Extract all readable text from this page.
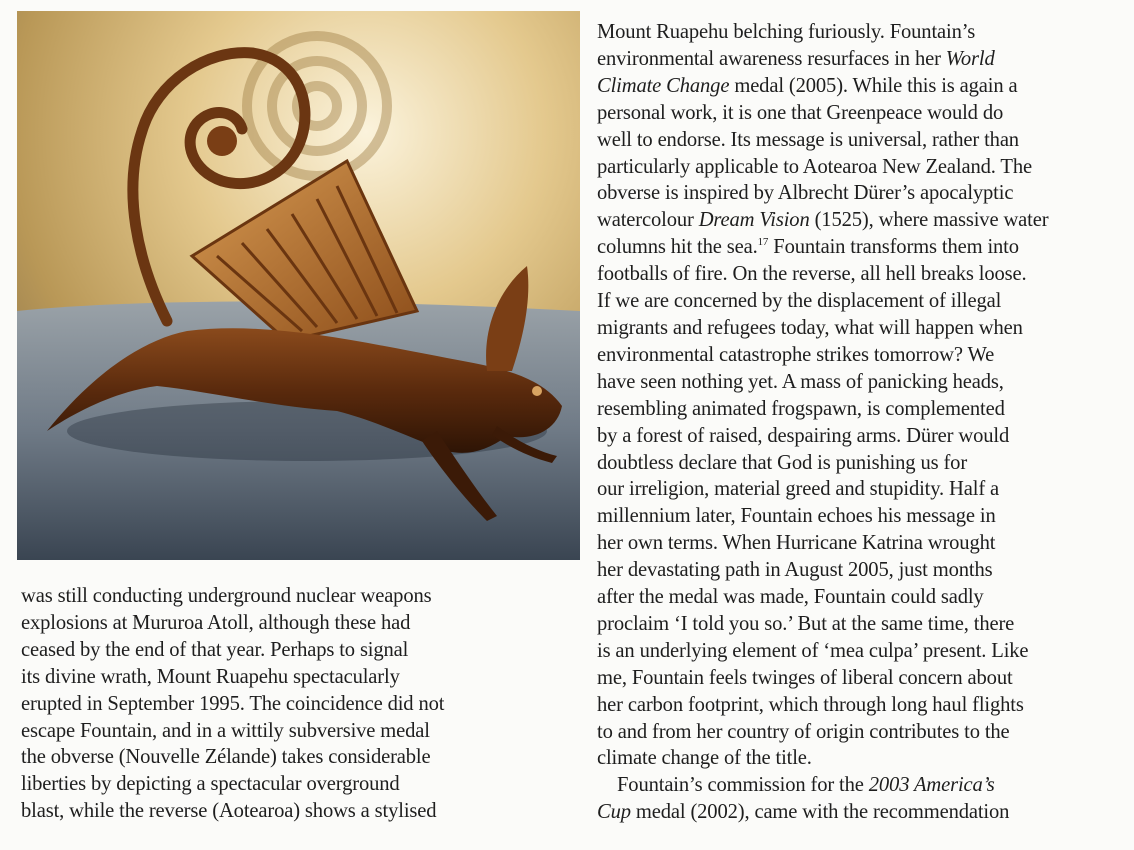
was still conducting underground nuclear weapons
explosions at Mururoa Atoll, although these had
ceased by the end of that year. Perhaps to signal
its divine wrath, Mount Ruapehu spectacularly
erupted in September 1995. The coincidence did not
escape Fountain, and in a wittily subversive medal
the obverse (Nouvelle Zélande) takes considerable
liberties by depicting a spectacular overground
blast, while the reverse (Aotearoa) shows a stylised

Mount Ruapehu belching furiously. Fountain’s
environmental awareness resurfaces in her World
Climate Change medal (2005). While this is again a
personal work, it is one that Greenpeace would do
well to endorse. Its message is universal, rather than
particularly applicable to Aotearoa New Zealand. The
obverse is inspired by Albrecht Dürer’s apocalyptic
watercolour Dream Vision (1525), where massive water
columns hit the sea.$^{17}$ Fountain transforms them into
footballs of fire. On the reverse, all hell breaks loose.
If we are concerned by the displacement of illegal
migrants and refugees today, what will happen when
environmental catastrophe strikes tomorrow? We
have seen nothing yet. A mass of panicking heads,
resembling animated frogspawn, is complemented
by a forest of raised, despairing arms. Dürer would
doubtless declare that God is punishing us for
our irreligion, material greed and stupidity. Half a
millennium later, Fountain echoes his message in
her own terms. When Hurricane Katrina wrought
her devastating path in August 2005, just months
after the medal was made, Fountain could sadly
proclaim ‘I told you so.’ But at the same time, there
is an underlying element of ‘mea culpa’ present. Like
me, Fountain feels twinges of liberal concern about
her carbon footprint, which through long haul flights
to and from her country of origin contributes to the
climate change of the title.
Fountain’s commission for the 2003 America’s
Cup medal (2002), came with the recommendation
